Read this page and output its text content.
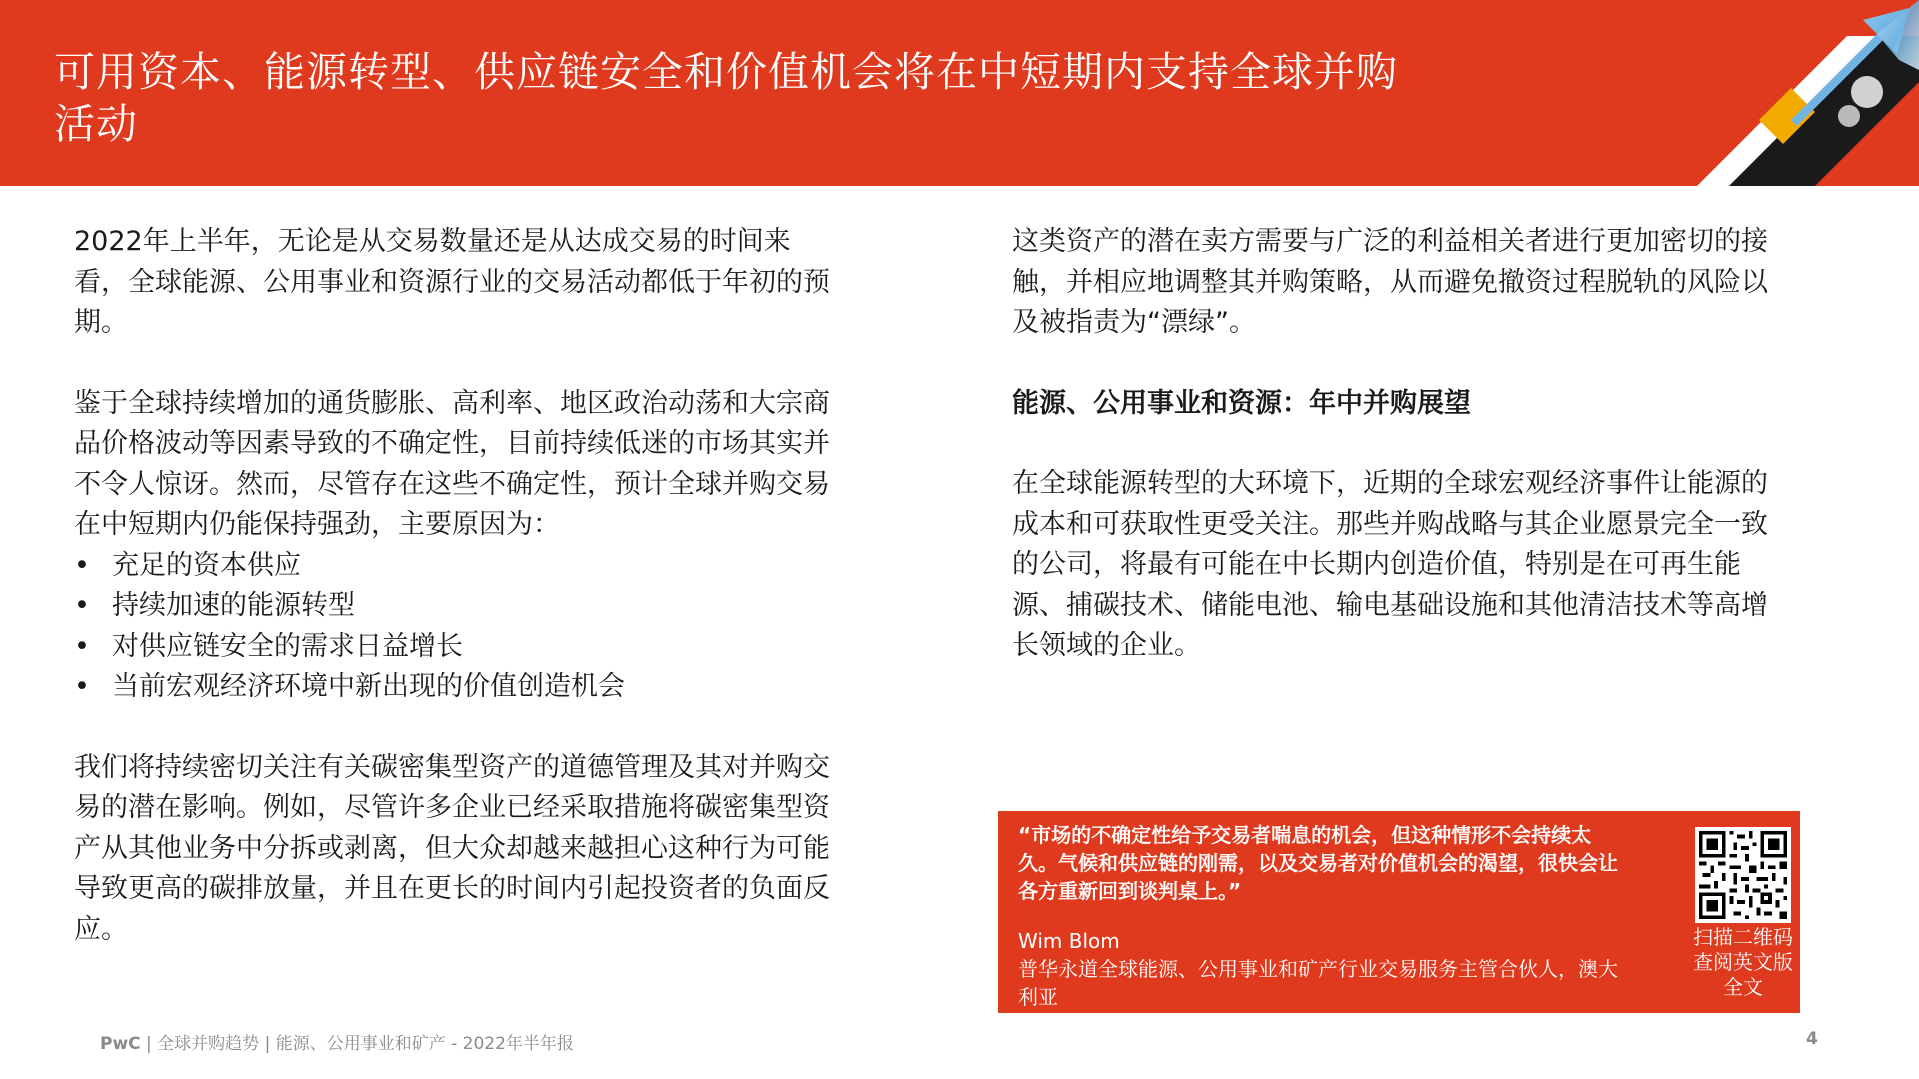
可用资本、能源转型、供应链安全和价值机会将在中短期内支持全球并购活动

2022年上半年，无论是从交易数量还是从达成交易的时间来看，全球能源、公用事业和资源行业的交易活动都低于年初的预期。

鉴于全球持续增加的通货膨胀、高利率、地区政治动荡和大宗商品价格波动等因素导致的不确定性，目前持续低迷的市场其实并不令人惊讶。然而，尽管存在这些不确定性，预计全球并购交易在中短期内仍能保持强劲，主要原因为：

• 充足的资本供应
• 持续加速的能源转型
• 对供应链安全的需求日益增长
• 当前宏观经济环境中新出现的价值创造机会

我们将持续密切关注有关碳密集型资产的道德管理及其对并购交易的潜在影响。例如，尽管许多企业已经采取措施将碳密集型资产从其他业务中分拆或剥离，但大众却越来越担心这种行为可能导致更高的碳排放量，并且在更长的时间内引起投资者的负面反应。

这类资产的潜在卖方需要与广泛的利益相关者进行更加密切的接触，并相应地调整其并购策略，从而避免撤资过程脱轨的风险以及被指责为“漂绿”。

能源、公用事业和资源：年中并购展望

在全球能源转型的大环境下，近期的全球宏观经济事件让能源的成本和可获取性更受关注。那些并购战略与其企业愿景完全一致的公司，将最有可能在中长期内创造价值，特别是在可再生能源、捕碳技术、储能电池、输电基础设施和其他清洁技术等高增长领域的企业。

“市场的不确定性给予交易者喘息的机会，但这种情形不会持续太久。气候和供应链的刚需，以及交易者对价值机会的渴望，很快会让各方重新回到谈判桌上。”
Wim Blom
普华永道全球能源、公用事业和矿产行业交易服务主管合伙人，澳大利亚
扫描二维码查阅英文版全文
PwC | 全球并购趋势 | 能源、公用事业和矿产 - 2022年半年报	4
